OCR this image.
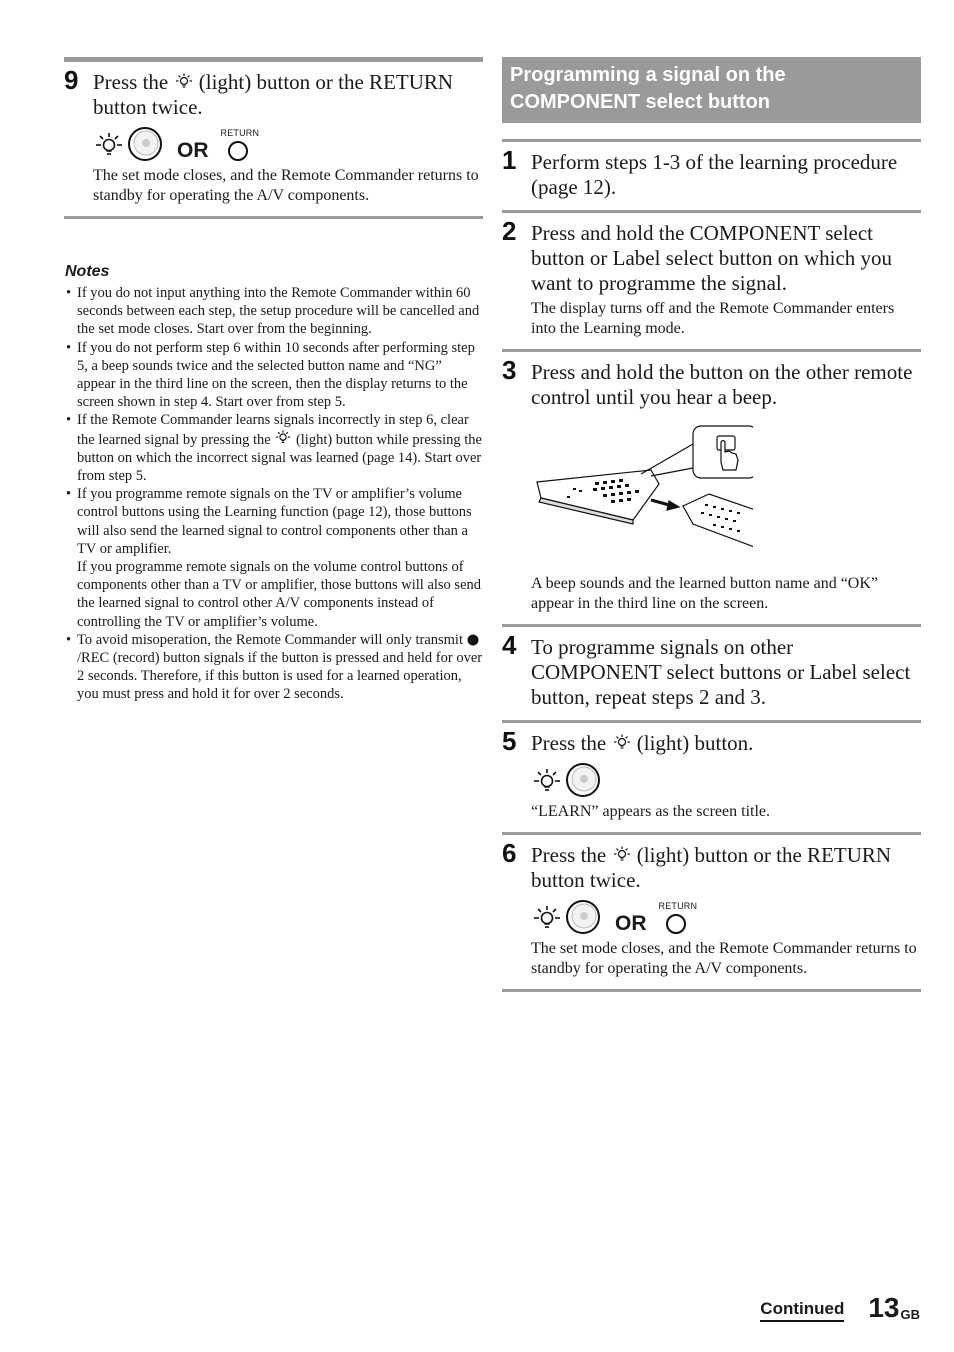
9 Press the (light) button or the RETURN button twice.
OR
RETURN
The set mode closes, and the Remote Commander returns to standby for operating the A/V components.
Notes
• If you do not input anything into the Remote Commander within 60 seconds between each step, the setup procedure will be cancelled and the set mode closes. Start over from the beginning.
• If you do not perform step 6 within 10 seconds after performing step 5, a beep sounds twice and the selected button name and “NG” appear in the third line on the screen, then the display returns to the screen shown in step 4. Start over from step 5.
• If the Remote Commander learns signals incorrectly in step 6, clear the learned signal by pressing the (light) button while pressing the button on which the incorrect signal was learned (page 14). Start over from step 5.
• If you programme remote signals on the TV or amplifier’s volume control buttons using the Learning function (page 12), those buttons will also send the learned signal to control components other than a TV or amplifier.
If you programme remote signals on the volume control buttons of components other than a TV or amplifier, those buttons will also send the learned signal to control other A/V components instead of controlling the TV or amplifier’s volume.
• To avoid misoperation, the Remote Commander will only transmit /REC (record) button signals if the button is pressed and held for over 2 seconds. Therefore, if this button is used for a learned operation, you must press and hold it for over 2 seconds.
Programming a signal on the COMPONENT select button
1 Perform steps 1-3 of the learning procedure (page 12).
2 Press and hold the COMPONENT select button or Label select button on which you want to programme the signal.
The display turns off and the Remote Commander enters into the Learning mode.
3 Press and hold the button on the other remote control until you hear a beep.
A beep sounds and the learned button name and “OK” appear in the third line on the screen.
4 To programme signals on other COMPONENT select buttons or Label select button, repeat steps 2 and 3.
5 Press the (light) button.
“LEARN” appears as the screen title.
6 Press the (light) button or the RETURN button twice.
OR
RETURN
The set mode closes, and the Remote Commander returns to standby for operating the A/V components.
Continued 13 GB
